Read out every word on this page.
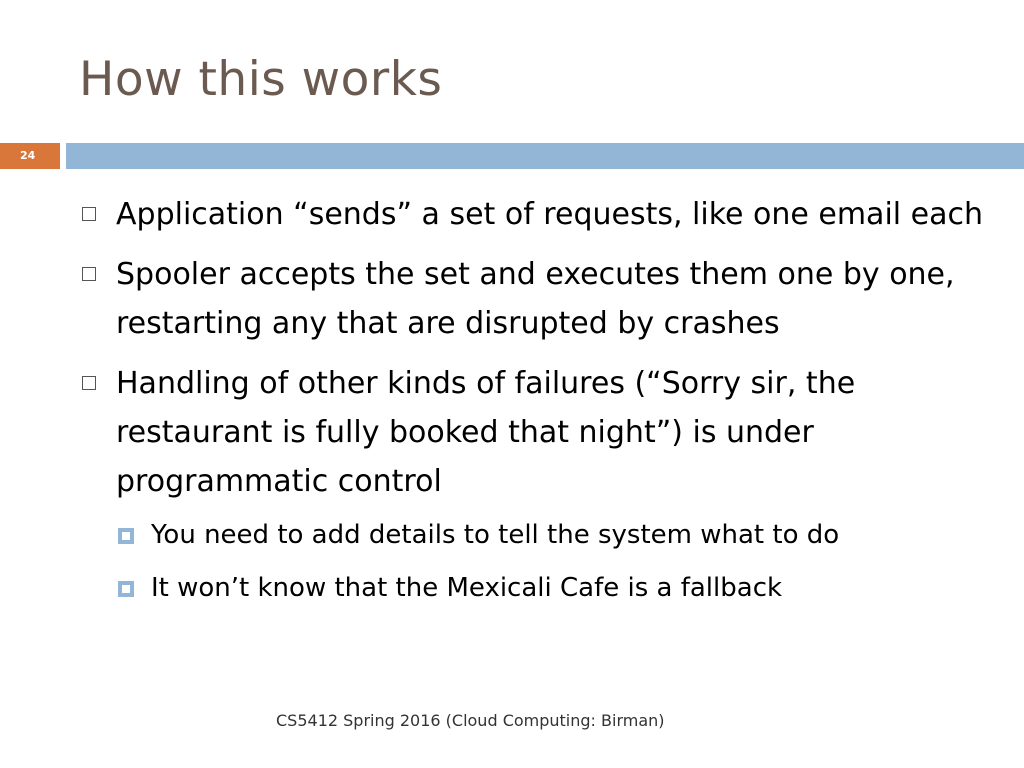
How this works
24
Application “sends” a set of requests, like one email each
Spooler accepts the set and executes them one by one, restarting any that are disrupted by crashes
Handling of other kinds of failures (“Sorry sir, the restaurant is fully booked that night”) is under programmatic control
You need to add details to tell the system what to do
It won’t know that the Mexicali Cafe is a fallback
CS5412 Spring 2016 (Cloud Computing: Birman)
